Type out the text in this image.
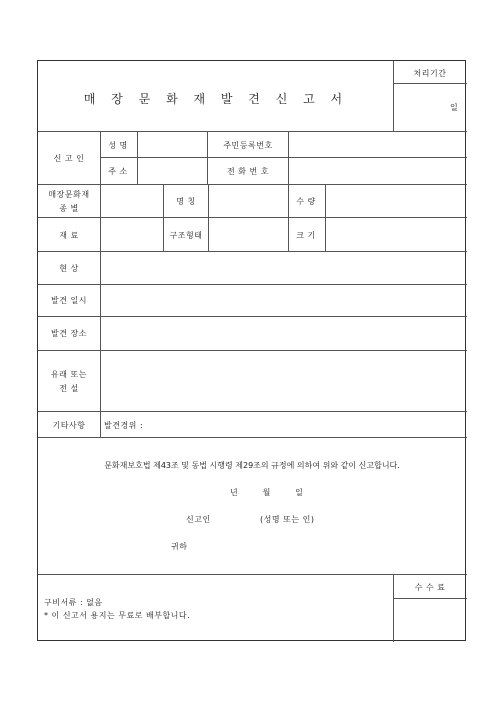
매 장 문 화 재 발 견 신 고 서
처리기간
일
신 고 인
성 명	주민등록번호
주 소	전 화 번 호
매장문화재
종 별
명 칭	수 량
재 료	구조형태	크 기
현 상
발견 일시
발견 장소
유래 또는
전 설
기타사항 발견경위 :
문화재보호법 제43조 및 동법 시행령 제29조의 규정에 의하여 위와 같이 신고합니다.
년        월        일
신고인	(성명 또는 인)
귀하
구비서류 : 없음
* 이 신고서 용지는 무료로 배부합니다.
수 수 료
